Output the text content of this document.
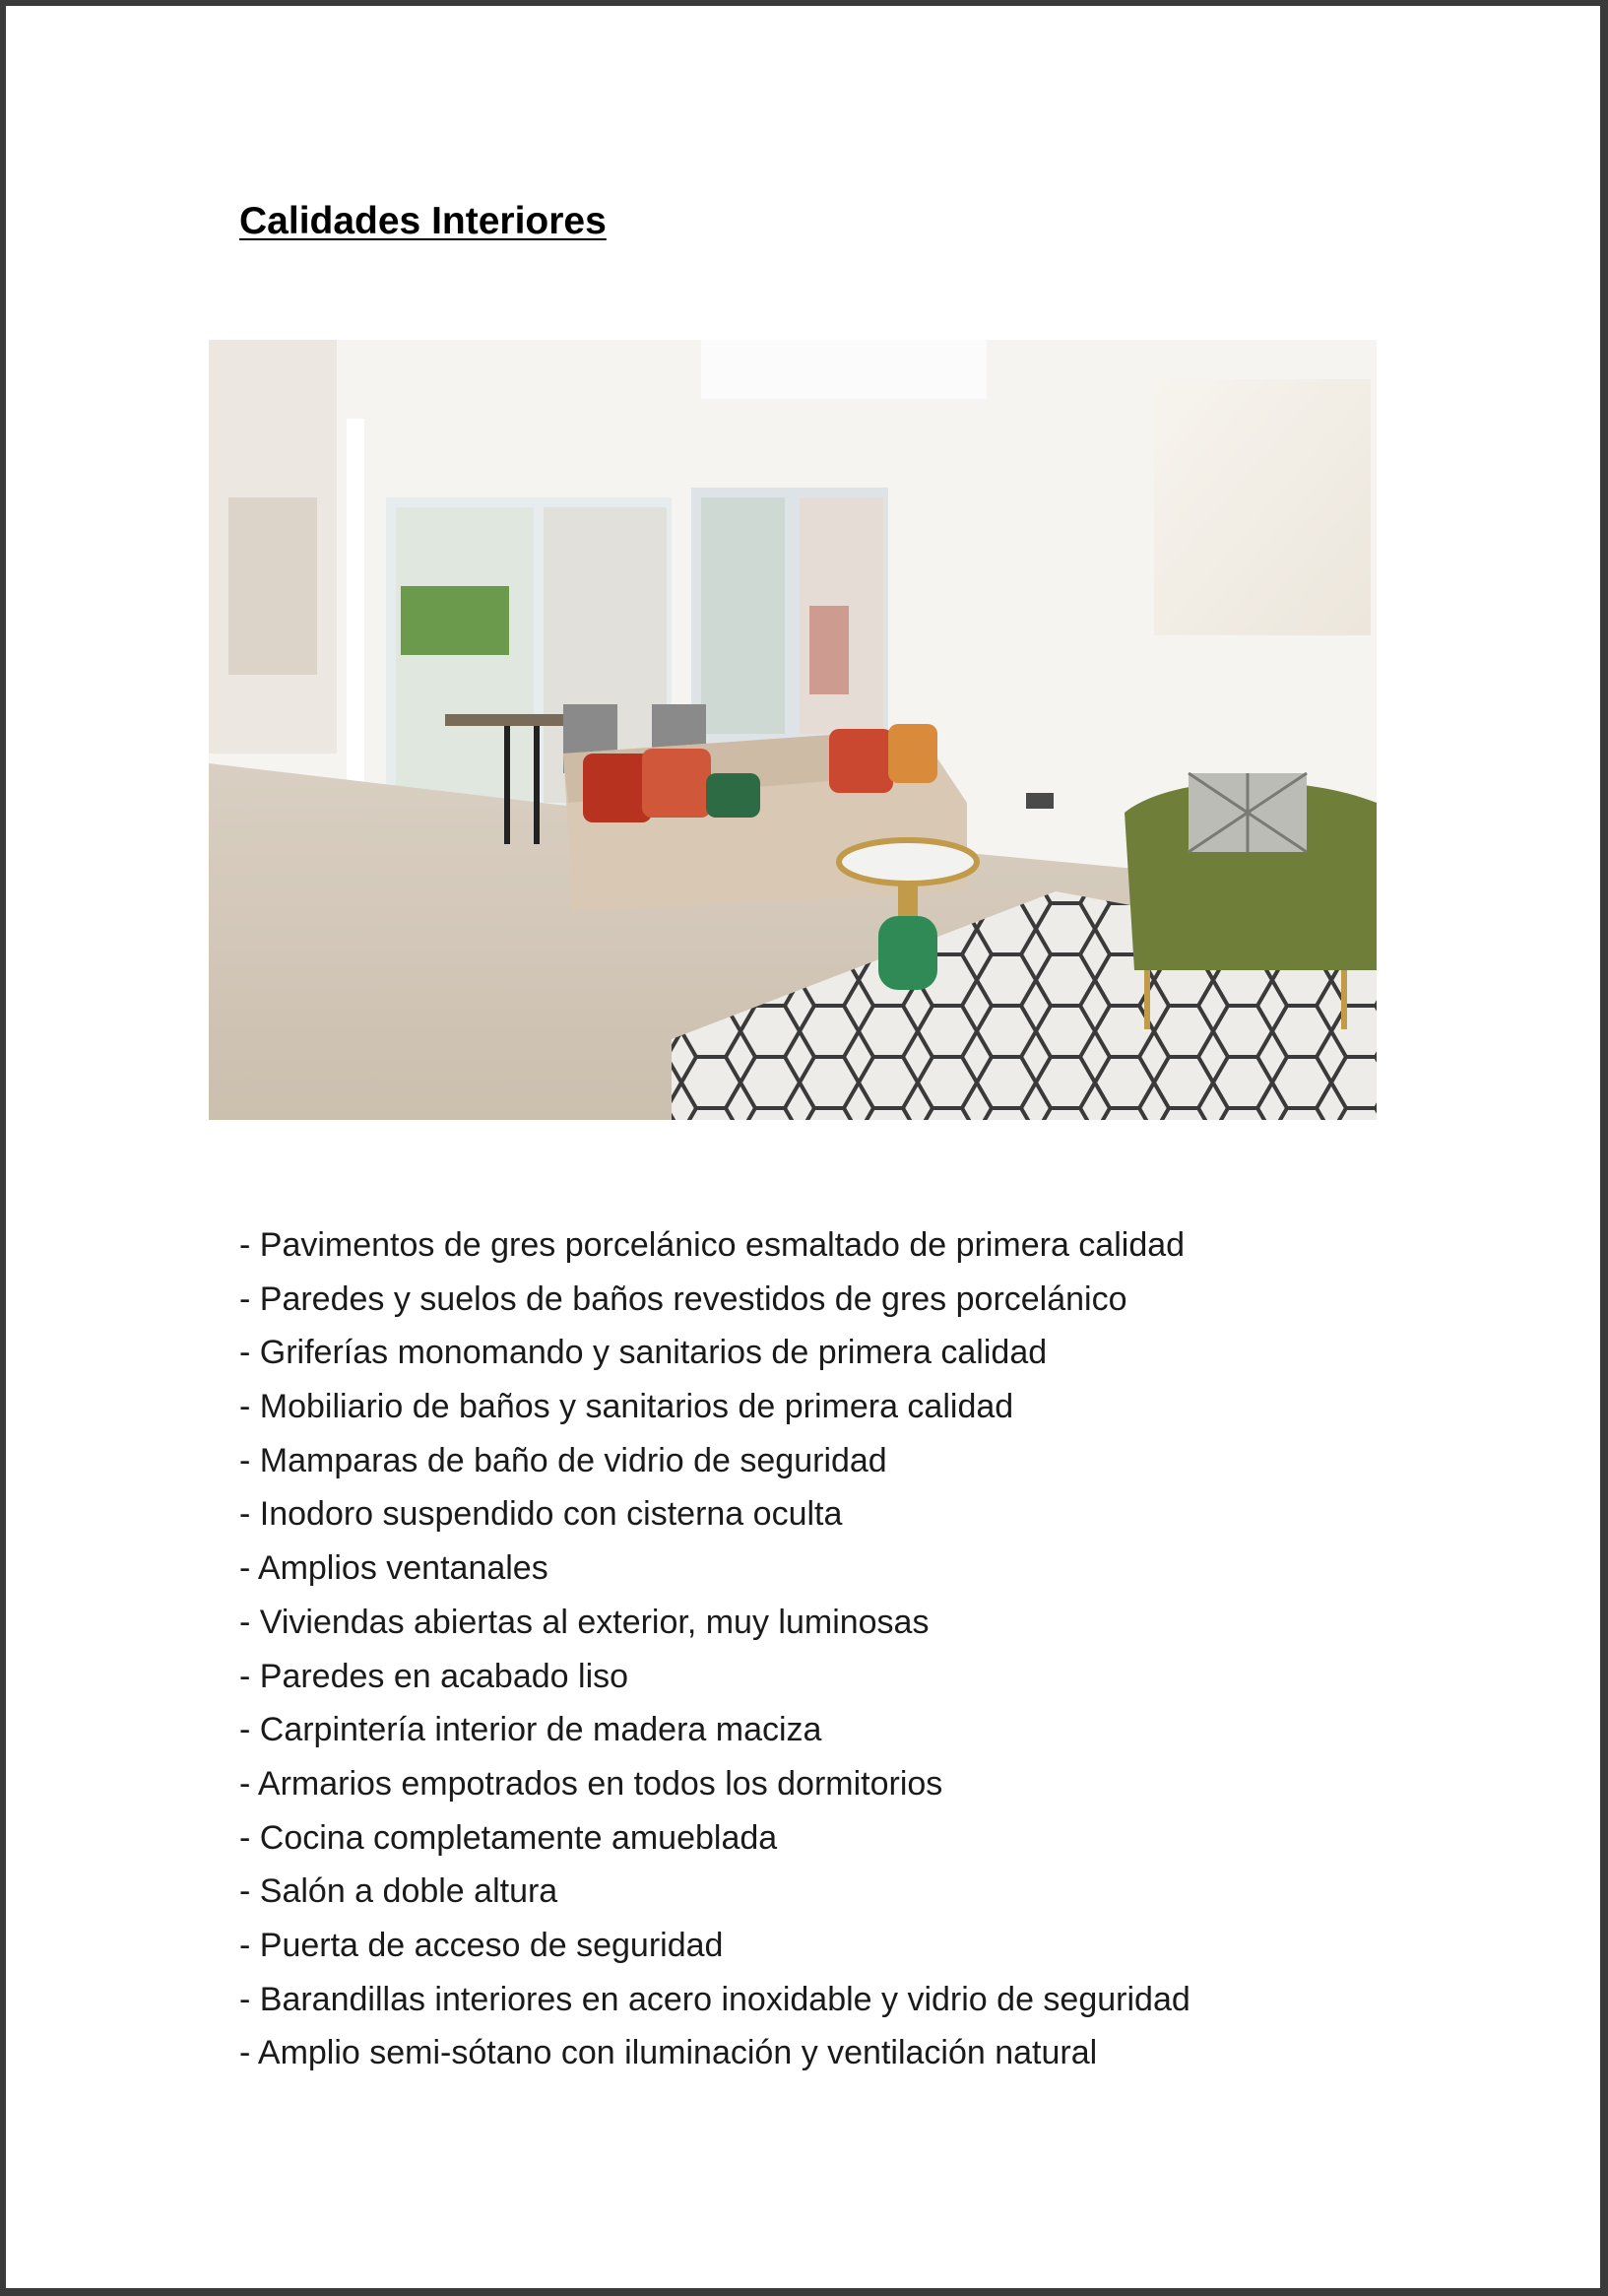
Calidades Interiores
- Pavimentos de gres porcelánico esmaltado de primera calidad
- Paredes y suelos de baños revestidos de gres porcelánico
- Griferías monomando y sanitarios de primera calidad
- Mobiliario de baños y sanitarios de primera calidad
- Mamparas de baño de vidrio de seguridad
- Inodoro suspendido con cisterna oculta
- Amplios ventanales
- Viviendas abiertas al exterior, muy luminosas
- Paredes en acabado liso
- Carpintería interior de madera maciza
- Armarios empotrados en todos los dormitorios
- Cocina completamente amueblada
- Salón a doble altura
- Puerta de acceso de seguridad
- Barandillas interiores en acero inoxidable y vidrio de seguridad
- Amplio semi-sótano con iluminación y ventilación natural
